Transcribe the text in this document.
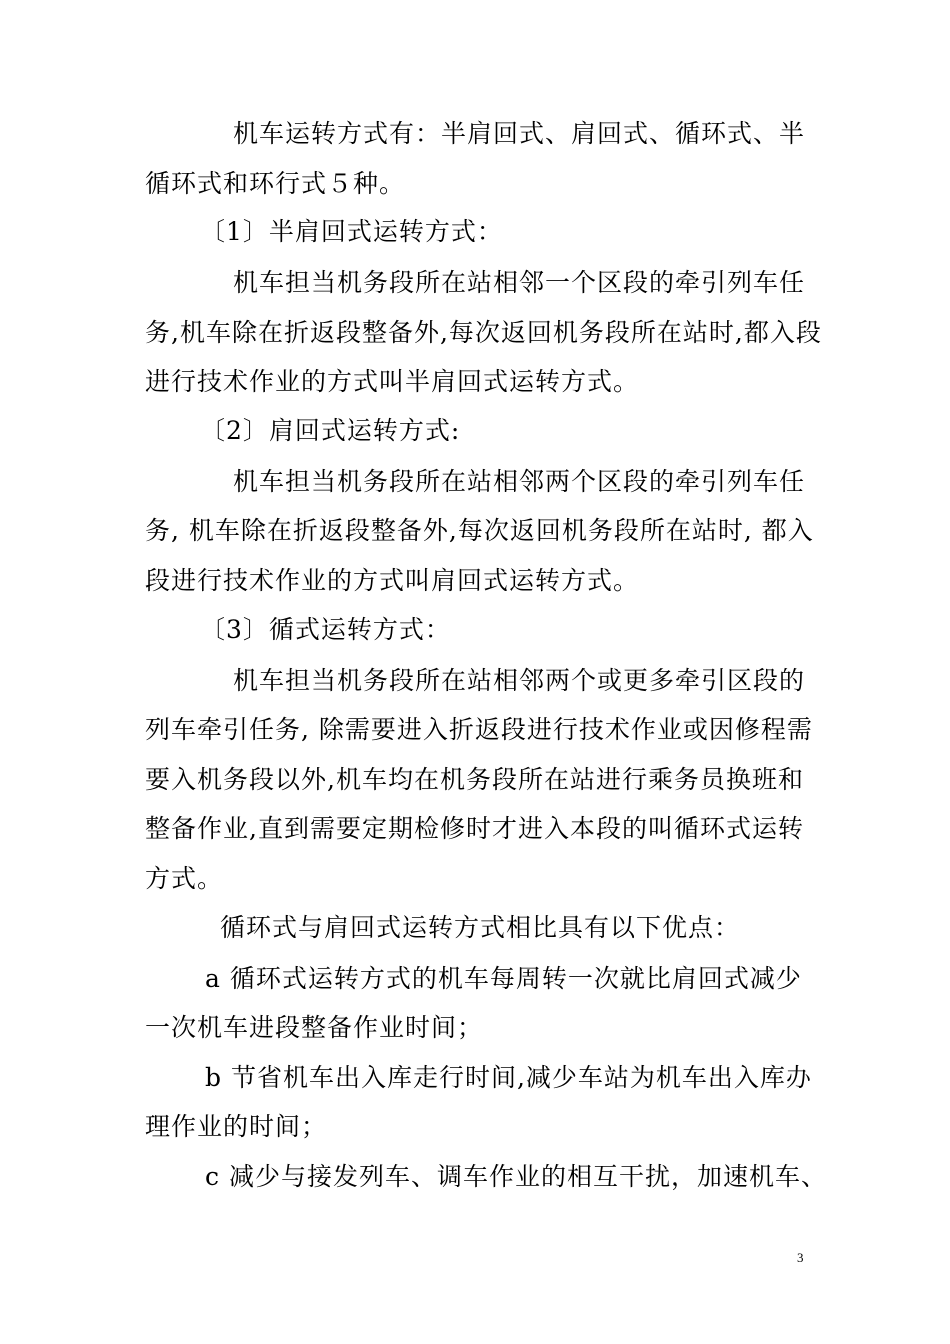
机车运转方式有：半肩回式、肩回式、循环式、半
循环式和环行式５种。
〔1〕半肩回式运转方式：
机车担当机务段所在站相邻一个区段的牵引列车任
务,机车除在折返段整备外,每次返回机务段所在站时,都入段
进行技术作业的方式叫半肩回式运转方式。
〔2〕肩回式运转方式:
机车担当机务段所在站相邻两个区段的牵引列车任
务, 机车除在折返段整备外,每次返回机务段所在站时, 都入
段进行技术作业的方式叫肩回式运转方式。
〔3〕循式运转方式：
机车担当机务段所在站相邻两个或更多牵引区段的
列车牵引任务, 除需要进入折返段进行技术作业或因修程需
要入机务段以外,机车均在机务段所在站进行乘务员换班和
整备作业,直到需要定期检修时才进入本段的叫循环式运转
方式。
循环式与肩回式运转方式相比具有以下优点：
a 循环式运转方式的机车每周转一次就比肩回式减少
一次机车进段整备作业时间；
b 节省机车出入库走行时间,减少车站为机车出入库办
理作业的时间；
c 减少与接发列车、调车作业的相互干扰，加速机车、
3
